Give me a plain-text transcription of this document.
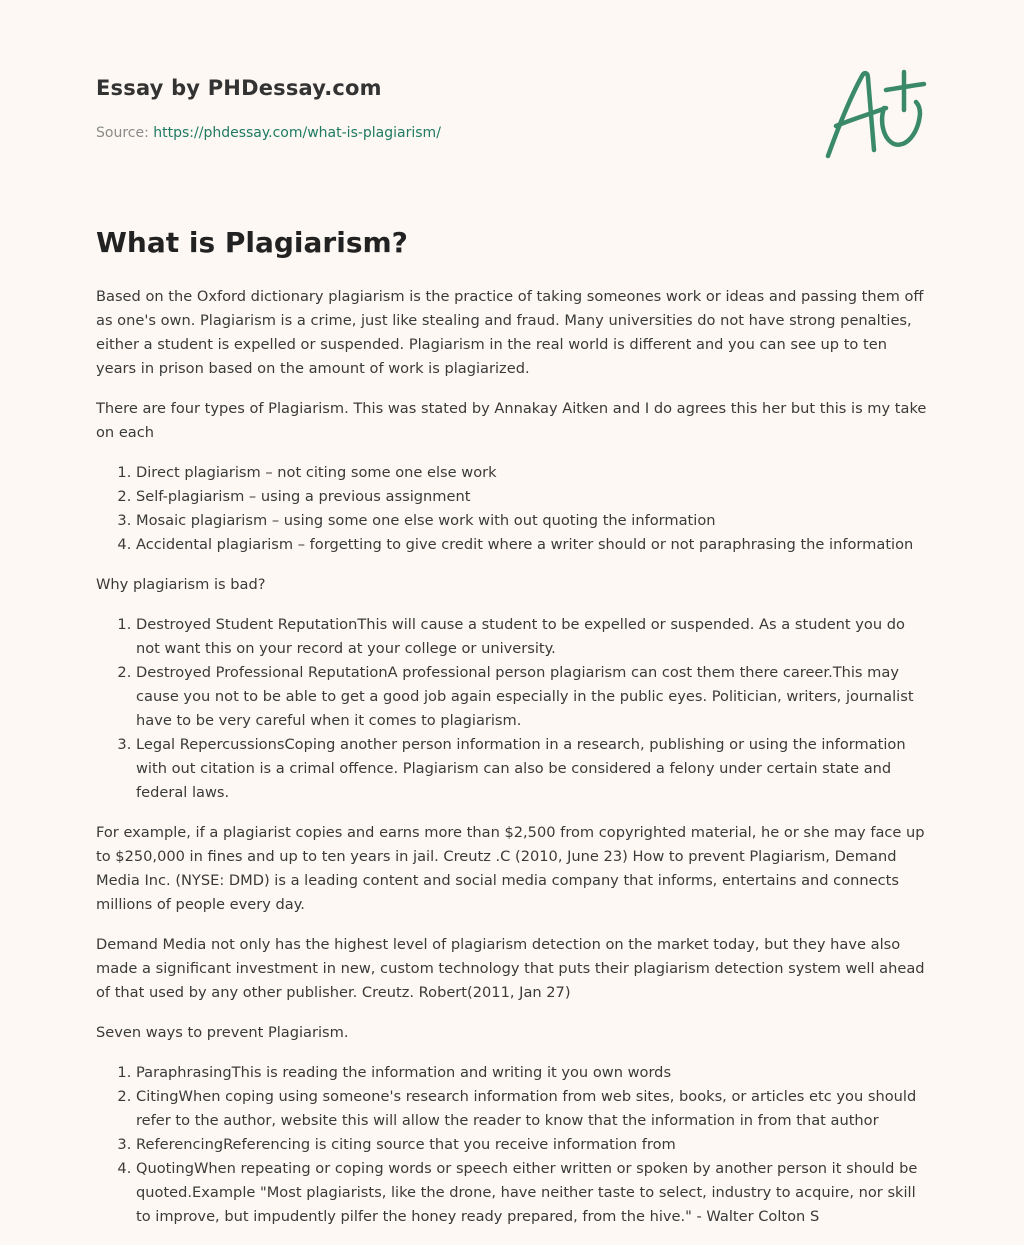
Essay by PHDessay.com
Source: https://phdessay.com/what-is-plagiarism/
What is Plagiarism?

Based on the Oxford dictionary plagiarism is the practice of taking someones work or ideas and passing them off as one's own. Plagiarism is a crime, just like stealing and fraud. Many universities do not have strong penalties, either a student is expelled or suspended. Plagiarism in the real world is different and you can see up to ten years in prison based on the amount of work is plagiarized.

There are four types of Plagiarism. This was stated by Annakay Aitken and I do agrees this her but this is my take on each

1. Direct plagiarism – not citing some one else work
2. Self-plagiarism – using a previous assignment
3. Mosaic plagiarism – using some one else work with out quoting the information
4. Accidental plagiarism – forgetting to give credit where a writer should or not paraphrasing the information

Why plagiarism is bad?

1. Destroyed Student ReputationThis will cause a student to be expelled or suspended. As a student you do not want this on your record at your college or university.
2. Destroyed Professional ReputationA professional person plagiarism can cost them there career.This may cause you not to be able to get a good job again especially in the public eyes. Politician, writers, journalist have to be very careful when it comes to plagiarism.
3. Legal RepercussionsCoping another person information in a research, publishing or using the information with out citation is a crimal offence. Plagiarism can also be considered a felony under certain state and federal laws.

For example, if a plagiarist copies and earns more than $2,500 from copyrighted material, he or she may face up to $250,000 in fines and up to ten years in jail. Creutz .C (2010, June 23) How to prevent Plagiarism, Demand Media Inc. (NYSE: DMD) is a leading content and social media company that informs, entertains and connects millions of people every day.

Demand Media not only has the highest level of plagiarism detection on the market today, but they have also made a significant investment in new, custom technology that puts their plagiarism detection system well ahead of that used by any other publisher. Creutz. Robert(2011, Jan 27)

Seven ways to prevent Plagiarism.

1. ParaphrasingThis is reading the information and writing it you own words
2. CitingWhen coping using someone's research information from web sites, books, or articles etc you should refer to the author, website this will allow the reader to know that the information in from that author
3. ReferencingReferencing is citing source that you receive information from
4. QuotingWhen repeating or coping words or speech either written or spoken by another person it should be quoted.Example "Most plagiarists, like the drone, have neither taste to select, industry to acquire, nor skill to improve, but impudently pilfer the honey ready prepared, from the hive." - Walter Colton S
